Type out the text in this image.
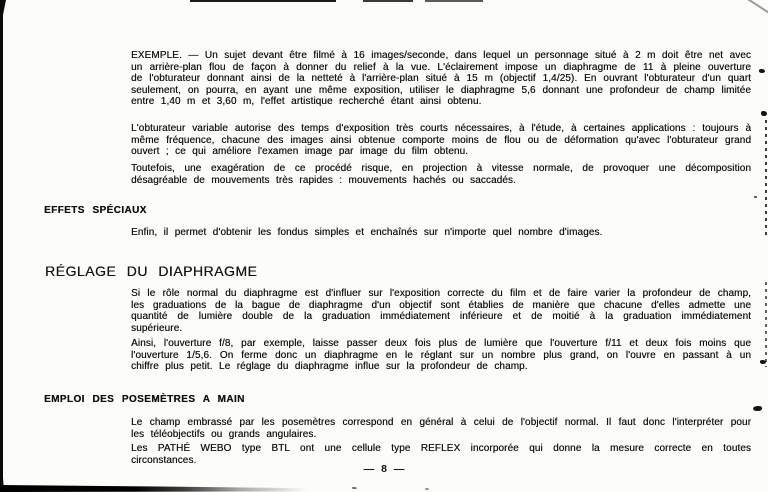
EXEMPLE. — Un sujet devant être filmé à 16 images/seconde, dans lequel un personnage situé à 2 m doit être net avec un arrière-plan flou de façon à donner du relief à la vue. L'éclairement impose un diaphragme de 11 à pleine ouverture de l'obturateur donnant ainsi de la netteté à l'arrière-plan situé à 15 m (objectif 1,4/25). En ouvrant l'obturateur d'un quart seulement, on pourra, en ayant une même exposition, utiliser le diaphragme 5,6 donnant une profondeur de champ limitée entre 1,40 m et 3,60 m, l'effet artistique recherché étant ainsi obtenu.

L'obturateur variable autorise des temps d'exposition très courts nécessaires, à l'étude, à certaines applications : toujours à même fréquence, chacune des images ainsi obtenue comporte moins de flou ou de déformation qu'avec l'obturateur grand ouvert ; ce qui améliore l'examen image par image du film obtenu.

Toutefois, une exagération de ce procédé risque, en projection à vitesse normale, de provoquer une décomposition désagréable de mouvements très rapides : mouvements hachés ou saccadés.

EFFETS SPÉCIAUX

Enfin, il permet d'obtenir les fondus simples et enchaînés sur n'importe quel nombre d'images.

RÉGLAGE DU DIAPHRAGME

Si le rôle normal du diaphragme est d'influer sur l'exposition correcte du film et de faire varier la profondeur de champ, les graduations de la bague de diaphragme d'un objectif sont établies de manière que chacune d'elles admette une quantité de lumière double de la graduation immédiatement inférieure et de moitié à la graduation immédiatement supérieure.

Ainsi, l'ouverture f/8, par exemple, laisse passer deux fois plus de lumière que l'ouverture f/11 et deux fois moins que l'ouverture 1/5,6. On ferme donc un diaphragme en le réglant sur un nombre plus grand, on l'ouvre en passant à un chiffre plus petit. Le réglage du diaphragme influe sur la profondeur de champ.

EMPLOI DES POSEMÈTRES A MAIN

Le champ embrassé par les posemètres correspond en général à celui de l'objectif normal. Il faut donc l'interpréter pour les téléobjectifs ou grands angulaires.

Les PATHÉ WEBO type BTL ont une cellule type REFLEX incorporée qui donne la mesure correcte en toutes circonstances.

— 8 —
